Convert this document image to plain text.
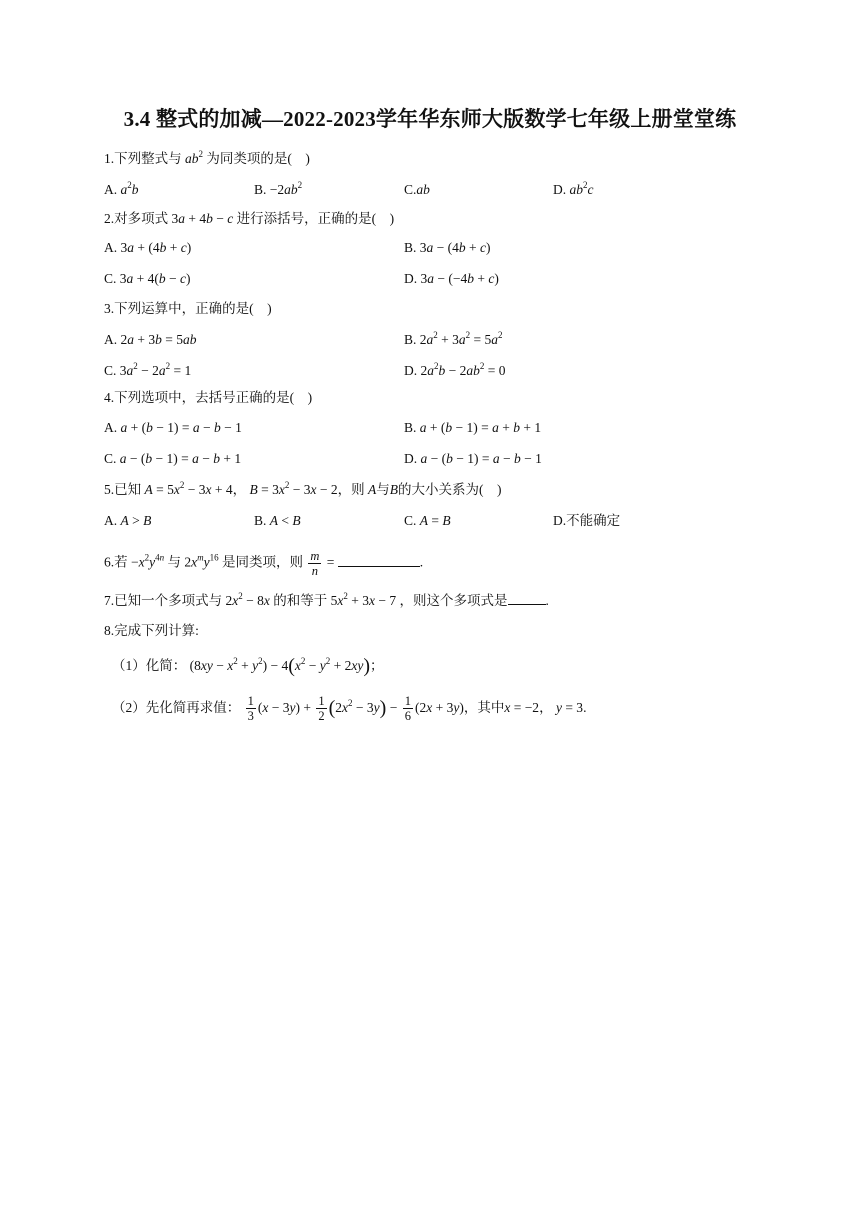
3.4 整式的加减—2022-2023学年华东师大版数学七年级上册堂堂练
1.下列整式与 $ab^2$ 为同类项的是(　)
A. $a^2b$	B. $-2ab^2$	C.ab	D. $ab^2c$
2.对多项式 3a + 4b − c 进行添括号，正确的是(　)
A. 3a + (4b + c)	B. 3a − (4b + c)
C. 3a + 4(b − c)	D. 3a − (−4b + c)
3.下列运算中，正确的是(　)
A. 2a + 3b = 5ab	B. $2a^2 + 3a^2 = 5a^2$
C. $3a^2 - 2a^2 = 1$	D. $2a^2b - 2ab^2 = 0$
4.下列选项中，去括号正确的是(　)
A. a + (b − 1) = a − b − 1	B. a + (b − 1) = a + b + 1
C. a − (b − 1) = a − b + 1	D. a − (b − 1) = a − b − 1
5.已知 $A = 5x^2 - 3x + 4$， $B = 3x^2 - 3x - 2$，则 A与B的大小关系为(　)
A. A > B	B. A < B	C. A = B	D.不能确定
6.若 $-x^2y^{4n}$ 与 $2x^my^{16}$ 是同类项，则 $\frac{m}{n}$ =	.
7.已知一个多项式与 $2x^2 - 8x$ 的和等于 $5x^2 + 3x - 7$ ，则这个多项式是	.
8.完成下列计算:
（1）化简： $(8xy - x^2 + y^2) - 4(x^2 - y^2 + 2xy)$；
（2）先化简再求值： $\frac{1}{3} (x - 3y) + \frac{1}{2} (2x^2 - 3y) - \frac{1}{6} (2x + 3y)$，其中x = −2， y = 3.
